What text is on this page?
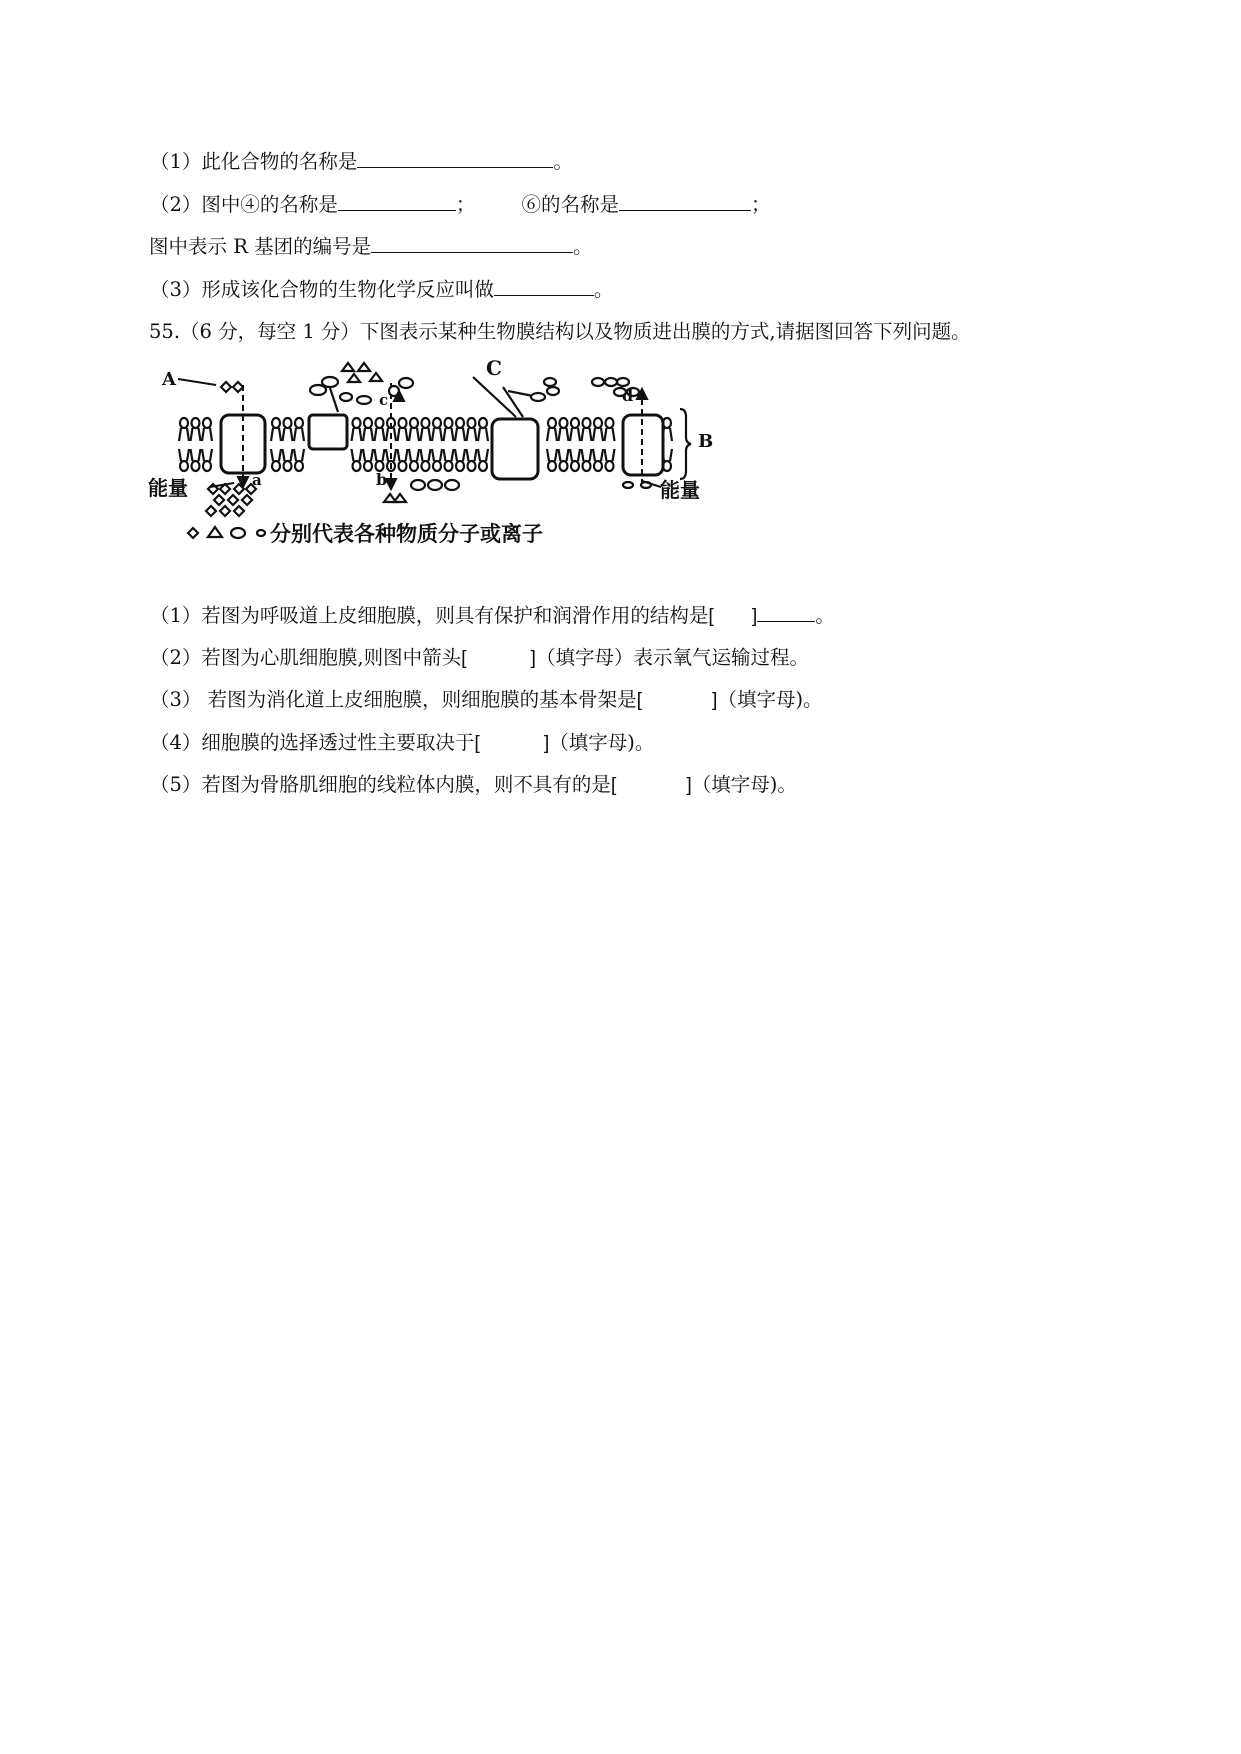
（1）此化合物的名称是	。
（2）图中④的名称是	； ⑥的名称是	；
图中表示 R 基团的编号是	。
（3）形成该化合物的生物化学反应叫做	。
55.（6 分，每空 1 分）下图表示某种生物膜结构以及物质进出膜的方式,请据图回答下列问题。
A
B
C
a	b
c	d
能量	能量
分别代表各种物质分子或离子
（1）若图为呼吸道上皮细胞膜，则具有保护和润滑作用的结构是[ ]	。
（2）若图为心肌细胞膜,则图中箭头[	]（填字母）表示氧气运输过程。
（3） 若图为消化道上皮细胞膜，则细胞膜的基本骨架是[	]（填字母)。
（4）细胞膜的选择透过性主要取决于[	]（填字母)。
（5）若图为骨胳肌细胞的线粒体内膜，则不具有的是[	]（填字母)。
